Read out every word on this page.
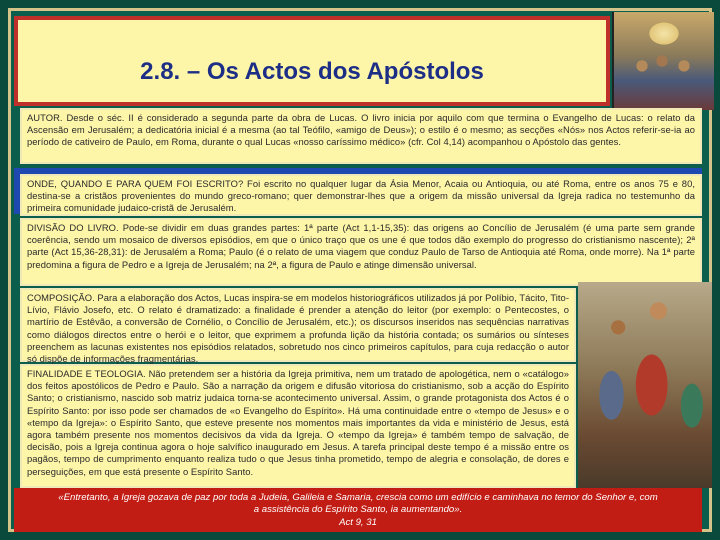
2.8. – Os Actos dos Apóstolos
AUTOR. Desde o séc. II é considerado a segunda parte da obra de Lucas. O livro inicia por aquilo com que termina o Evangelho de Lucas: o relato da Ascensão em Jerusalém; a dedicatória inicial é a mesma (ao tal Teófilo, «amigo de Deus»); o estilo é o mesmo; as secções «Nós» nos Actos referir-se-ia ao período de cativeiro de Paulo, em Roma, durante o qual Lucas «nosso caríssimo médico» (cfr. Col 4,14) acompanhou o Apóstolo das gentes.
ONDE, QUANDO E PARA QUEM FOI ESCRITO? Foi escrito no qualquer lugar da Ásia Menor, Acaia ou Antioquia, ou até Roma, entre os anos 75 e 80, destina-se a cristãos provenientes do mundo greco-romano; quer demonstrar-lhes que a origem da missão universal da Igreja radica no testemunho da primeira comunidade judaico-cristã de Jerusalém.
DIVISÃO DO LIVRO. Pode-se dividir em duas grandes partes: 1ª parte (Act 1,1-15,35): das origens ao Concílio de Jerusalém (é uma parte sem grande coerência, sendo um mosaico de diversos episódios, em que o único traço que os une é que todos dão exemplo do progresso do cristianismo nascente); 2ª parte (Act 15,36-28,31): de Jerusalém a Roma; Paulo (é o relato de uma viagem que conduz Paulo de Tarso de Antioquia até Roma, onde morre). Na 1ª parte predomina a figura de Pedro e a Igreja de Jerusalém; na 2ª, a figura de Paulo e atinge dimensão universal.
COMPOSIÇÃO. Para a elaboração dos Actos, Lucas inspira-se em modelos historiográficos utilizados já por Políbio, Tácito, Tito-Lívio, Flávio Josefo, etc. O relato é dramatizado: a finalidade é prender a atenção do leitor (por exemplo: o Pentecostes, o martírio de Estêvão, a conversão de Cornélio, o Concílio de Jerusalém, etc.); os discursos inseridos nas sequências narrativas como diálogos directos entre o herói e o leitor, que exprimem a profunda lição da história contada; os sumários ou sínteses preenchem as lacunas existentes nos episódios relatados, sobretudo nos cinco primeiros capítulos, para cuja redacção o autor só dispõe de informações fragmentárias.
FINALIDADE E TEOLOGIA. Não pretendem ser a história da Igreja primitiva, nem um tratado de apologética, nem o «catálogo» dos feitos apostólicos de Pedro e Paulo. São a narração da origem e difusão vitoriosa do cristianismo, sob a acção do Espírito Santo; o cristianismo, nascido sob matriz judaica torna-se acontecimento universal. Assim, o grande protagonista dos Actos é o Espírito Santo: por isso pode ser chamados de «o Evangelho do Espírito». Há uma continuidade entre o «tempo de Jesus» e o «tempo da Igreja»: o Espírito Santo, que esteve presente nos momentos mais importantes da vida e ministério de Jesus, está agora também presente nos momentos decisivos da vida da Igreja. O «tempo da Igreja» é também tempo de salvação, de decisão, pois a Igreja continua agora o hoje salvífico inaugurado em Jesus. A tarefa principal deste tempo é a missão entre os pagãos, tempo de cumprimento enquanto realiza tudo o que Jesus tinha prometido, tempo de alegria e consolação, de dores e perseguições, em que está presente o Espírito Santo.
«Entretanto, a Igreja gozava de paz por toda a Judeia, Galileia e Samaria, crescia como um edifício e caminhava no temor do Senhor e, com
a assistência do Espírito Santo, ia aumentando».
Act 9, 31
